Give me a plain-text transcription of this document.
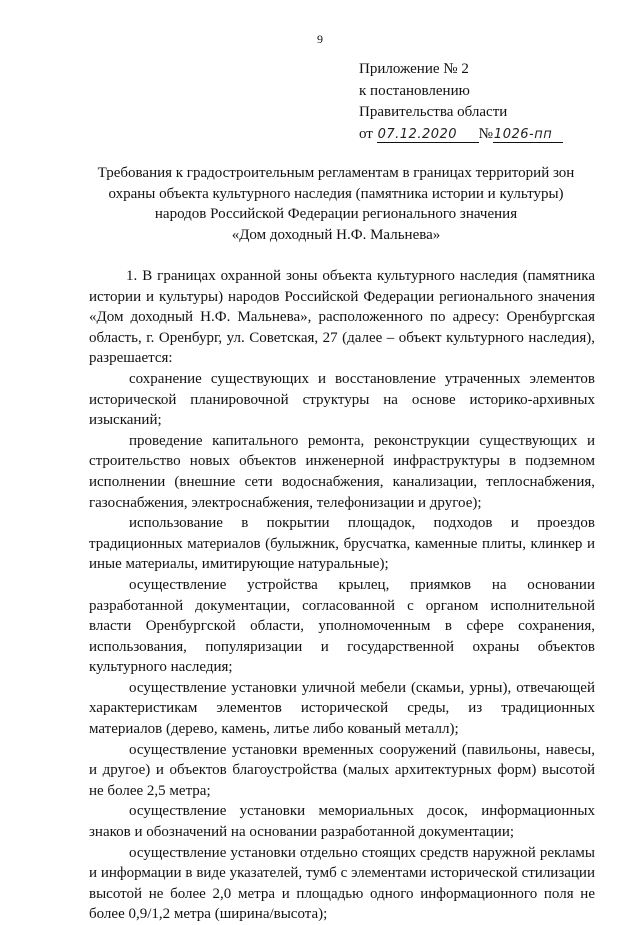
9
Приложение № 2
к постановлению
Правительства области
от 07.12.2020 №1026-пп
Требования к градостроительным регламентам в границах территорий зон
охраны объекта культурного наследия (памятника истории и культуры)
народов Российской Федерации регионального значения
«Дом доходный Н.Ф. Мальнева»

1. В границах охранной зоны объекта культурного наследия (памятника истории и культуры) народов Российской Федерации регионального значения «Дом доходный Н.Ф. Мальнева», расположенного по адресу: Оренбургская область, г. Оренбург, ул. Советская, 27 (далее – объект культурного наследия), разрешается:

сохранение существующих и восстановление утраченных элементов исторической планировочной структуры на основе историко-архивных изысканий;

проведение капитального ремонта, реконструкции существующих и строительство новых объектов инженерной инфраструктуры в подземном исполнении (внешние сети водоснабжения, канализации, теплоснабжения, газоснабжения, электроснабжения, телефонизации и другое);

использование в покрытии площадок, подходов и проездов традиционных материалов (булыжник, брусчатка, каменные плиты, клинкер и иные материалы, имитирующие натуральные);

осуществление устройства крылец, приямков на основании разработанной документации, согласованной с органом исполнительной власти Оренбургской области, уполномоченным в сфере сохранения, использования, популяризации и государственной охраны объектов культурного наследия;

осуществление установки уличной мебели (скамьи, урны), отвечающей характеристикам элементов исторической среды, из традиционных материалов (дерево, камень, литье либо кованый металл);

осуществление установки временных сооружений (павильоны, навесы, и другое) и объектов благоустройства (малых архитектурных форм) высотой не более 2,5 метра;

осуществление установки мемориальных досок, информационных знаков и обозначений на основании разработанной документации;

осуществление установки отдельно стоящих средств наружной рекламы и информации в виде указателей, тумб с элементами исторической стилизации высотой не более 2,0 метра и площадью одного информационного поля не более 0,9/1,2 метра (ширина/высота);
